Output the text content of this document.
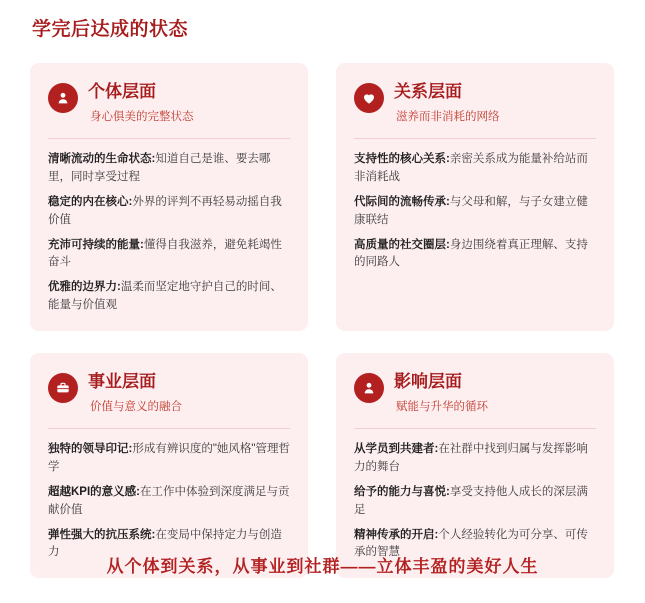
学完后达成的状态
个体层面
身心俱美的完整状态
清晰流动的生命状态:知道自己是谁、要去哪里，同时享受过程
稳定的内在核心:外界的评判不再轻易动摇自我价值
充沛可持续的能量:懂得自我滋养，避免耗竭性奋斗
优雅的边界力:温柔而坚定地守护自己的时间、能量与价值观
关系层面
滋养而非消耗的网络
支持性的核心关系:亲密关系成为能量补给站而非消耗战
代际间的流畅传承:与父母和解，与子女建立健康联结
高质量的社交圈层:身边围绕着真正理解、支持的同路人
事业层面
价值与意义的融合
独特的领导印记:形成有辨识度的"她风格"管理哲学
超越KPI的意义感:在工作中体验到深度满足与贡献价值
弹性强大的抗压系统:在变局中保持定力与创造力
影响层面
赋能与升华的循环
从学员到共建者:在社群中找到归属与发挥影响力的舞台
给予的能力与喜悦:享受支持他人成长的深层满足
精神传承的开启:个人经验转化为可分享、可传承的智慧
从个体到关系，从事业到社群——立体丰盈的美好人生
